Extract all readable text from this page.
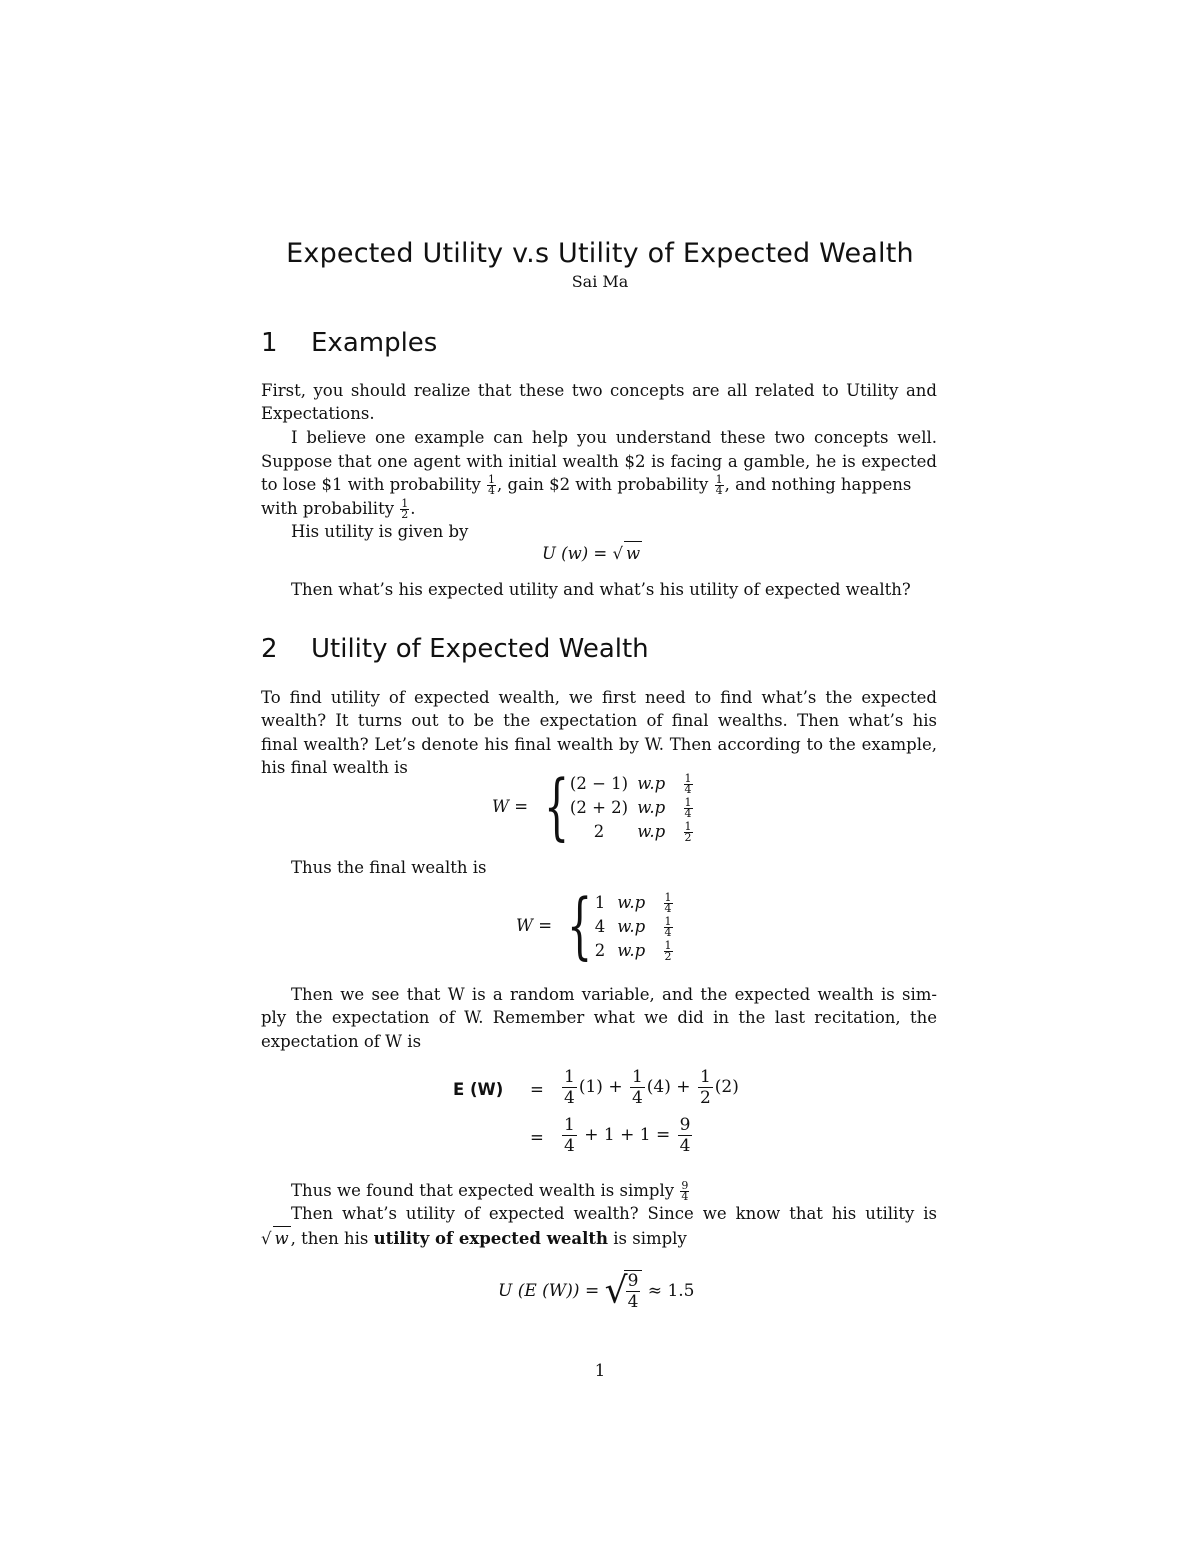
Expected Utility v.s Utility of Expected Wealth
Sai Ma
1 Examples
First, you should realize that these two concepts are all related to Utility and
Expectations.
I believe one example can help you understand these two concepts well.
Suppose that one agent with initial wealth $2 is facing a gamble, he is expected
to lose $1 with probability $\frac{1}{4}$ , gain $2 with probability $\frac{1}{4}$ , and nothing happens
with probability $\frac{1}{2}$ .
His utility is given by
U (w) = √ w
Then what’s his expected utility and what’s his utility of expected wealth?
2 Utility of Expected Wealth
To find utility of expected wealth, we first need to find what’s the expected
wealth? It turns out to be the expectation of final wealths. Then what’s his
final wealth? Let’s denote his final wealth by W. Then according to the example,
his final wealth is
W = { (2 − 1) $w.p \frac{1}{4}$
(2 + 2) $w.p \frac{1}{4}$
2 $w.p \frac{1}{2}$
Thus the final wealth is
W = { 1 $w.p \frac{1}{4}$
4 $w.p \frac{1}{4}$
2 $w.p \frac{1}{2}$
Then we see that W is a random variable, and the expected wealth is sim-
ply the expectation of W. Remember what we did in the last recitation, the
expectation of W is
E $(W) = \frac{1}{4} (1) + \frac{1}{4} (4) + \frac{1}{2} (2)$
= $\frac{1}{4} + 1 + 1 = \frac{9}{4}$
Thus we found that expected wealth is simply $\frac{9}{4}$
Then what’s utility of expected wealth? Since we know that his utility is
√ w , then his utility of expected wealth is simply
U (E (W)) = √
$\frac{9}{4} \approx 1.5$
1
